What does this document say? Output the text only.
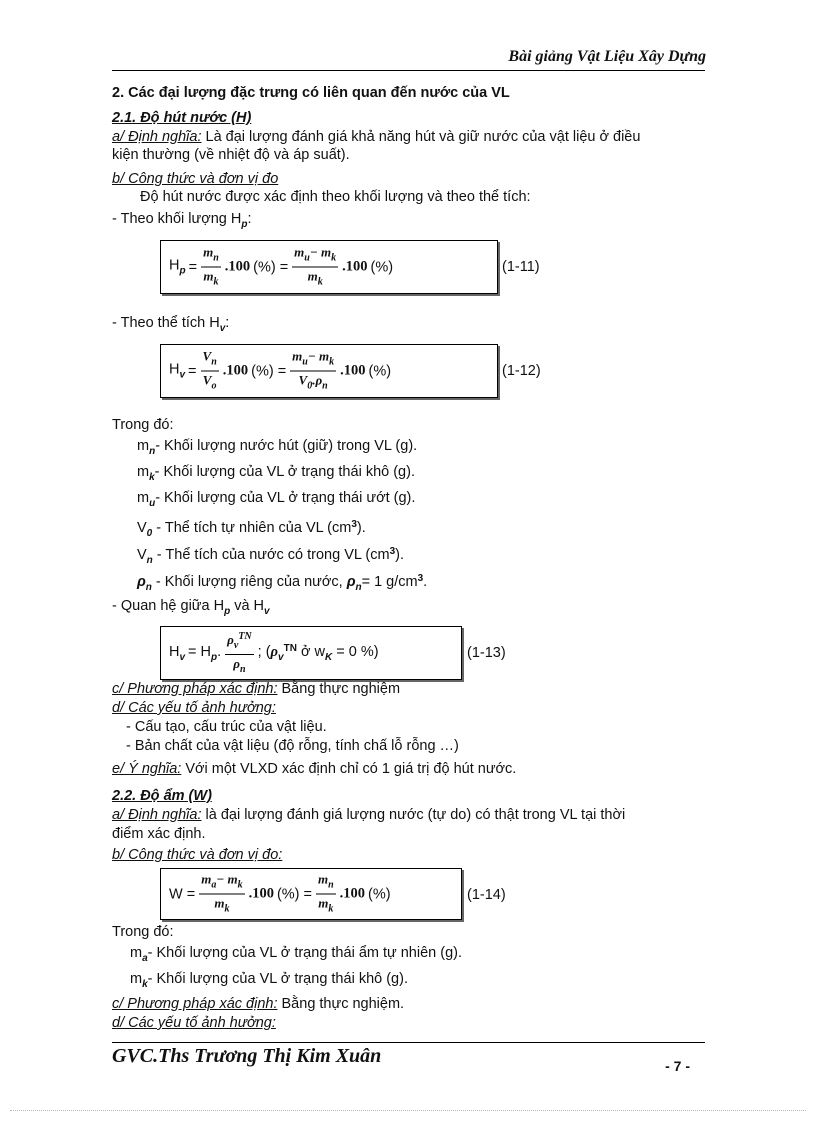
Bài giảng Vật Liệu Xây Dựng
2. Các đại lượng đặc trưng có liên quan đến nước của VL
2.1. Độ hút nước (H)
a/ Định nghĩa: Là đại lượng đánh giá khả năng hút và giữ nước của vật liệu ở điều
kiện thường (về nhiệt độ và áp suất).
b/ Công thức và đơn vị đo
Độ hút nước được xác định theo khối lượng và theo thể tích:
- Theo khối lượng $H_p$:
$H_p = \frac{m_n}{m_k} .100$ (%) = $\frac{m_u- m_k}{m_k} .100$ (%)	(1-11)
- Theo thể tích $H_v$:
$H_v = \frac{V_n}{V_o} .100$ (%) = $\frac{m_u- m_k}{V_0.\rho_n} .100$ (%)	(1-12)
Trong đó:
$m_n-$ Khối lượng nước hút (giữ) trong VL (g).
$m_k-$ Khối lượng của VL ở trạng thái khô (g).
$m_u-$ Khối lượng của VL ở trạng thái ướt (g).
$V_0$ - Thể tích tự nhiên của VL $(cm^3)$.
$V_n$ - Thể tích của nước có trong VL $(cm^3)$.
$\rho_n$ - Khối lượng riêng của nước, $\rho_n= 1$ $g/cm^3$.
- Quan hệ giữa $H_p$ và $H_v$
$H_v = H_p$. $\frac{\rho_v^{TN}}{\rho_n}$ ; ($\rho_v^{TN}$ ở $w_K = 0$ %)	(1-13)
c/ Phương pháp xác định: Bằng thực nghiệm
d/ Các yếu tố ảnh hưởng:
- Cấu tạo, cấu trúc của vật liệu.
- Bản chất của vật liệu (độ rỗng, tính chấ lỗ rỗng …)
e/ Ý nghĩa: Với một VLXD xác định chỉ có 1 giá trị độ hút nước.
2.2. Độ ẩm (W)
a/ Định nghĩa: là đại lượng đánh giá lượng nước (tự do) có thật trong VL tại thời
điểm xác định.
b/ Công thức và đơn vị đo:
$W = \frac{m_a- m_k}{m_k} .100$ (%) = $\frac{m_n}{m_k} .100$ (%)	(1-14)
Trong đó:
$m_a-$ Khối lượng của VL ở trạng thái ẩm tự nhiên (g).
$m_k-$ Khối lượng của VL ở trạng thái khô (g).
c/ Phương pháp xác định: Bằng thực nghiệm.
d/ Các yếu tố ảnh hưởng:
GVC.Ths Trương Thị Kim Xuân	- 7 -
